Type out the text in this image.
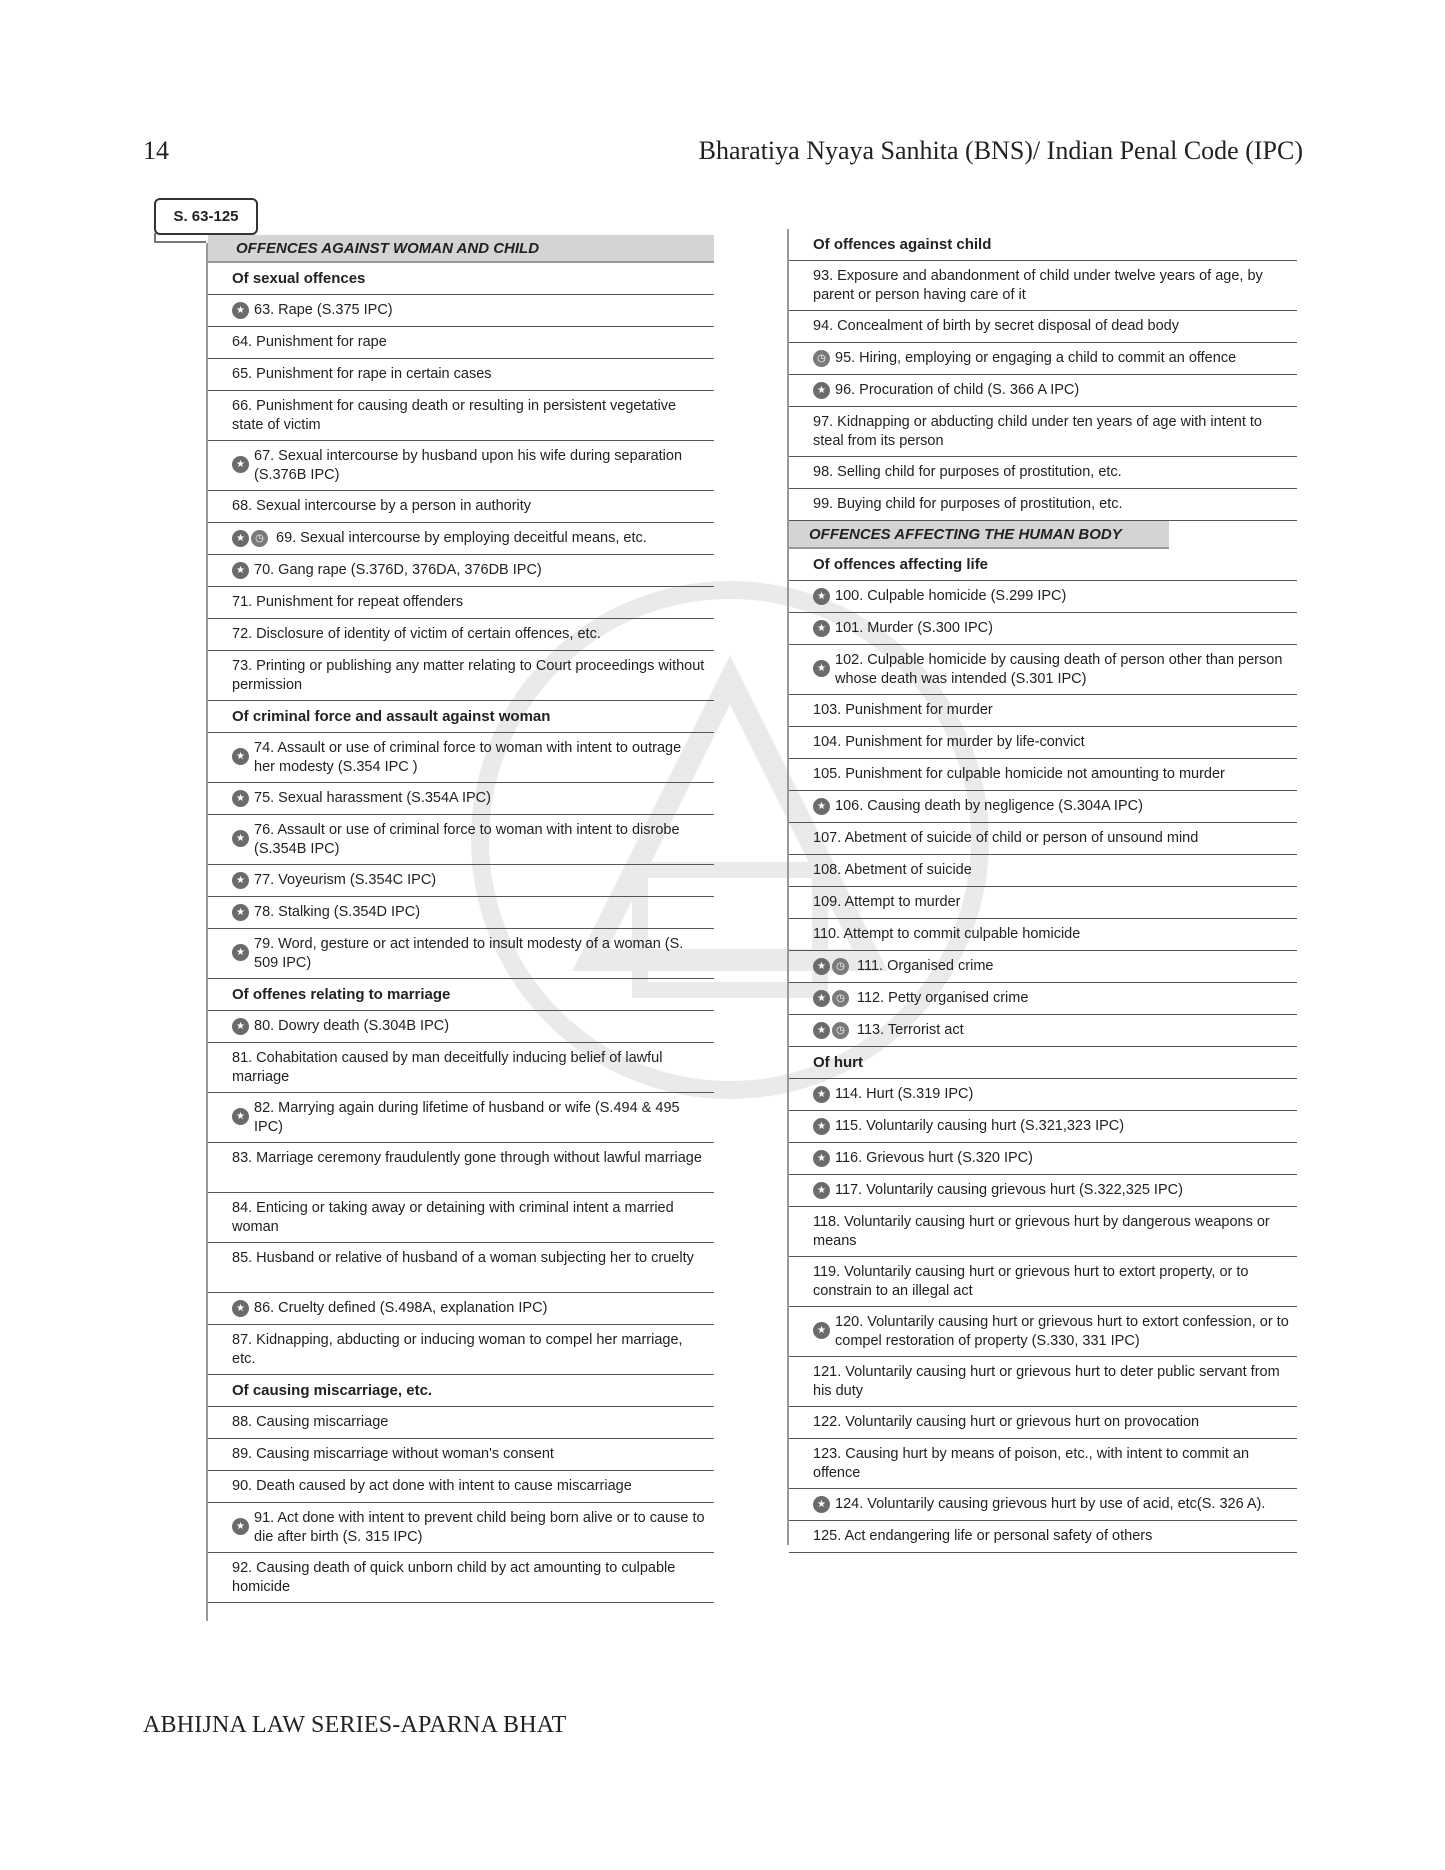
14	Bharatiya Nyaya Sanhita (BNS)/ Indian Penal Code (IPC)
S. 63-125
OFFENCES AGAINST WOMAN AND CHILD
Of sexual offences
★ 63. Rape (S.375 IPC)
64. Punishment for rape
65. Punishment for rape in certain cases
66. Punishment for causing death or resulting in persistent vegetative state of victim
★ 67. Sexual intercourse by husband upon his wife during separation (S.376B IPC)
68. Sexual intercourse by a person in authority
★	◷ 69. Sexual intercourse by employing deceitful means, etc.
★ 70. Gang rape (S.376D, 376DA, 376DB IPC)
71. Punishment for repeat offenders
72. Disclosure of identity of victim of certain offences, etc.
73. Printing or publishing any matter relating to Court proceedings without permission
Of criminal force and assault against woman
★ 74. Assault or use of criminal force to woman with intent to outrage her modesty (S.354 IPC )
★ 75. Sexual harassment (S.354A IPC)
★ 76. Assault or use of criminal force to woman with intent to disrobe (S.354B IPC)
★ 77. Voyeurism (S.354C IPC)
★ 78. Stalking (S.354D IPC)
★ 79. Word, gesture or act intended to insult modesty of a woman (S. 509 IPC)
Of offenes relating to marriage
★ 80. Dowry death (S.304B IPC)
81. Cohabitation caused by man deceitfully inducing belief of lawful marriage
★ 82. Marrying again during lifetime of husband or wife (S.494 & 495 IPC)
83. Marriage ceremony fraudulently gone through without lawful marriage
84. Enticing or taking away or detaining with criminal intent a married woman
85. Husband or relative of husband of a woman subjecting her to cruelty
★ 86. Cruelty defined (S.498A, explanation IPC)
87. Kidnapping, abducting or inducing woman to compel her marriage, etc.
Of causing miscarriage, etc.
88. Causing miscarriage
89. Causing miscarriage without woman's consent
90. Death caused by act done with intent to cause miscarriage
★ 91. Act done with intent to prevent child being born alive or to cause to die after birth (S. 315 IPC)
92. Causing death of quick unborn child by act amounting to culpable homicide
Of offences against child
93. Exposure and abandonment of child under twelve years of age, by parent or person having care of it
94. Concealment of birth by secret disposal of dead body
◷ 95. Hiring, employing or engaging a child to commit an offence
★ 96. Procuration of child (S. 366 A IPC)
97. Kidnapping or abducting child under ten years of age with intent to steal from its person
98. Selling child for purposes of prostitution, etc.
99. Buying child for purposes of prostitution, etc.
OFFENCES AFFECTING THE HUMAN BODY
Of offences affecting life
★ 100. Culpable homicide (S.299 IPC)
★ 101. Murder (S.300 IPC)
★ 102. Culpable homicide by causing death of person other than person whose death was intended (S.301 IPC)
103. Punishment for murder
104. Punishment for murder by life-convict
105. Punishment for culpable homicide not amounting to murder
★ 106. Causing death by negligence (S.304A IPC)
107. Abetment of suicide of child or person of unsound mind
108. Abetment of suicide
109. Attempt to murder
110. Attempt to commit culpable homicide
★	◷ 111. Organised crime
★	◷ 112. Petty organised crime
★	◷ 113. Terrorist act
Of hurt
★ 114. Hurt (S.319 IPC)
★ 115. Voluntarily causing hurt (S.321,323 IPC)
★ 116. Grievous hurt (S.320 IPC)
★ 117. Voluntarily causing grievous hurt (S.322,325 IPC)
118. Voluntarily causing hurt or grievous hurt by dangerous weapons or means
119. Voluntarily causing hurt or grievous hurt to extort property, or to constrain to an illegal act
★ 120. Voluntarily causing hurt or grievous hurt to extort confession, or to compel restoration of property (S.330, 331 IPC)
121. Voluntarily causing hurt or grievous hurt to deter public servant from his duty
122. Voluntarily causing hurt or grievous hurt on provocation
123. Causing hurt by means of poison, etc., with intent to commit an offence
★ 124. Voluntarily causing grievous hurt by use of acid, etc(S. 326 A).
125. Act endangering life or personal safety of others
ABHIJNA LAW SERIES-APARNA BHAT
